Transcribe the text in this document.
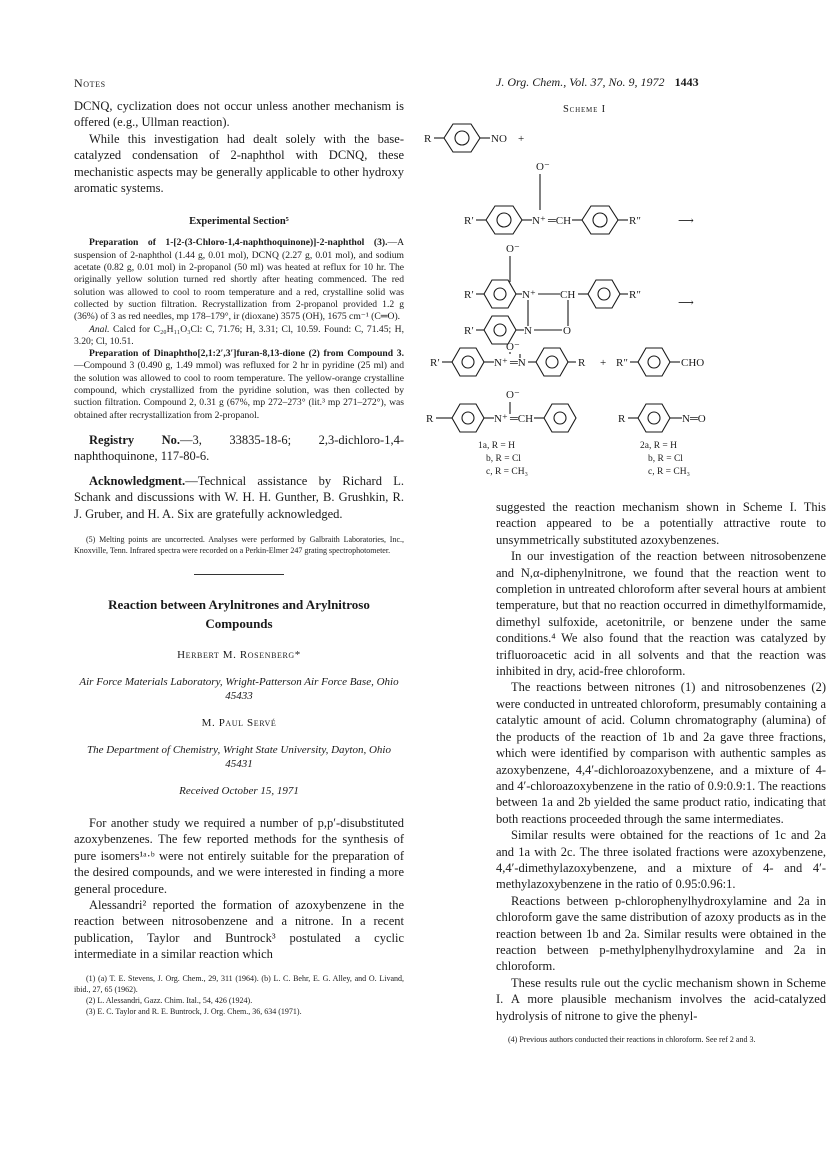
Notes	J. Org. Chem., Vol. 37, No. 9, 1972 1443

DCNQ, cyclization does not occur unless another mechanism is offered (e.g., Ullman reaction).

While this investigation had dealt solely with the base-catalyzed condensation of 2-naphthol with DCNQ, these mechanistic aspects may be generally applicable to other hydroxy aromatic systems.

Experimental Section⁵

Preparation of 1-[2-(3-Chloro-1,4-naphthoquinone)]-2-naphthol (3).—A suspension of 2-naphthol (1.44 g, 0.01 mol), DCNQ (2.27 g, 0.01 mol), and sodium acetate (0.82 g, 0.01 mol) in 2-propanol (50 ml) was heated at reflux for 10 hr. The originally yellow solution turned red shortly after heating commenced. The red solution was allowed to cool to room temperature and a red, crystalline solid was collected by suction filtration. Recrystallization from 2-propanol provided 1.2 g (36%) of 3 as red needles, mp 178–179°, ir (dioxane) 3575 (OH), 1675 cm⁻¹ (C═O).

Anal. Calcd for C₂₀H₁₁O₃Cl: C, 71.76; H, 3.31; Cl, 10.59. Found: C, 71.45; H, 3.20; Cl, 10.51.

Preparation of Dinaphtho[2,1:2′,3′]furan-8,13-dione (2) from Compound 3.—Compound 3 (0.490 g, 1.49 mmol) was refluxed for 2 hr in pyridine (25 ml) and the solution was allowed to cool to room temperature. The yellow-orange crystalline compound, which crystallized from the pyridine solution, was then collected by suction filtration. Compound 2, 0.31 g (67%, mp 272–273° (lit.³ mp 271–272°), was obtained after recrystallization from 2-propanol.

Registry No.—3, 33835-18-6; 2,3-dichloro-1,4-naphthoquinone, 117-80-6.

Acknowledgment.—Technical assistance by Richard L. Schank and discussions with W. H. H. Gunther, B. Grushkin, R. J. Gruber, and H. A. Six are gratefully acknowledged.

(5) Melting points are uncorrected. Analyses were performed by Galbraith Laboratories, Inc., Knoxville, Tenn. Infrared spectra were recorded on a Perkin-Elmer 247 grating spectrophotometer.

Reaction between Arylnitrones and Arylnitroso Compounds
Herbert M. Rosenberg*
Air Force Materials Laboratory, Wright-Patterson Air Force Base, Ohio 45433
M. Paul Servé
The Department of Chemistry, Wright State University, Dayton, Ohio 45431
Received October 15, 1971

For another study we required a number of p,p′-disubstituted azoxybenzenes. The few reported methods for the synthesis of pure isomers¹ᵃ·ᵇ were not entirely suitable for the preparation of the desired compounds, and we were interested in finding a more general procedure.

Alessandri² reported the formation of azoxybenzene in the reaction between nitrosobenzene and a nitrone. In a recent publication, Taylor and Buntrock³ postulated a cyclic intermediate in a similar reaction which

(1) (a) T. E. Stevens, J. Org. Chem., 29, 311 (1964). (b) L. C. Behr, E. G. Alley, and O. Livand, ibid., 27, 65 (1962).

(2) L. Alessandri, Gazz. Chim. Ital., 54, 426 (1924).

(3) E. C. Taylor and R. E. Buntrock, J. Org. Chem., 36, 634 (1971).

Scheme I
R	NO +
O⁻
R′	N⁺ ═CH	R″	⟶
O⁻
R′	N⁺ CH	R″
⟶
R′	N	O
O⁻
R′	N⁺ ═N	R + R″	CHO
O⁻
R	N⁺ ═CH	R	N═O
1a, R = H
b, R = Cl
c, R = CH₃
2a, R = H
b, R = Cl
c, R = CH₃

suggested the reaction mechanism shown in Scheme I. This reaction appeared to be a potentially attractive route to unsymmetrically substituted azoxybenzenes.

In our investigation of the reaction between nitrosobenzene and N,α-diphenylnitrone, we found that the reaction went to completion in untreated chloroform after several hours at ambient temperature, but that no reaction occurred in dimethylformamide, dimethyl sulfoxide, acetonitrile, or benzene under the same conditions.⁴ We also found that the reaction was catalyzed by trifluoroacetic acid in all solvents and that the reaction was inhibited in dry, acid-free chloroform.

The reactions between nitrones (1) and nitrosobenzenes (2) were conducted in untreated chloroform, presumably containing a catalytic amount of acid. Column chromatography (alumina) of the products of the reaction of 1b and 2a gave three fractions, which were identified by comparison with authentic samples as azoxybenzene, 4,4′-dichloroazoxybenzene, and a mixture of 4- and 4′-chloroazoxybenzene in the ratio of 0.9:0.9:1. The reactions between 1a and 2b yielded the same product ratio, indicating that both reactions proceeded through the same intermediates.

Similar results were obtained for the reactions of 1c and 2a and 1a with 2c. The three isolated fractions were azoxybenzene, 4,4′-dimethylazoxybenzene, and a mixture of 4- and 4′-methylazoxybenzene in the ratio of 0.95:0.96:1.

Reactions between p-chlorophenylhydroxylamine and 2a in chloroform gave the same distribution of azoxy products as in the reaction between 1b and 2a. Similar results were obtained in the reaction between p-methylphenylhydroxylamine and 2a in chloroform.

These results rule out the cyclic mechanism shown in Scheme I. A more plausible mechanism involves the acid-catalyzed hydrolysis of nitrone to give the phenyl-

(4) Previous authors conducted their reactions in chloroform. See ref 2 and 3.
